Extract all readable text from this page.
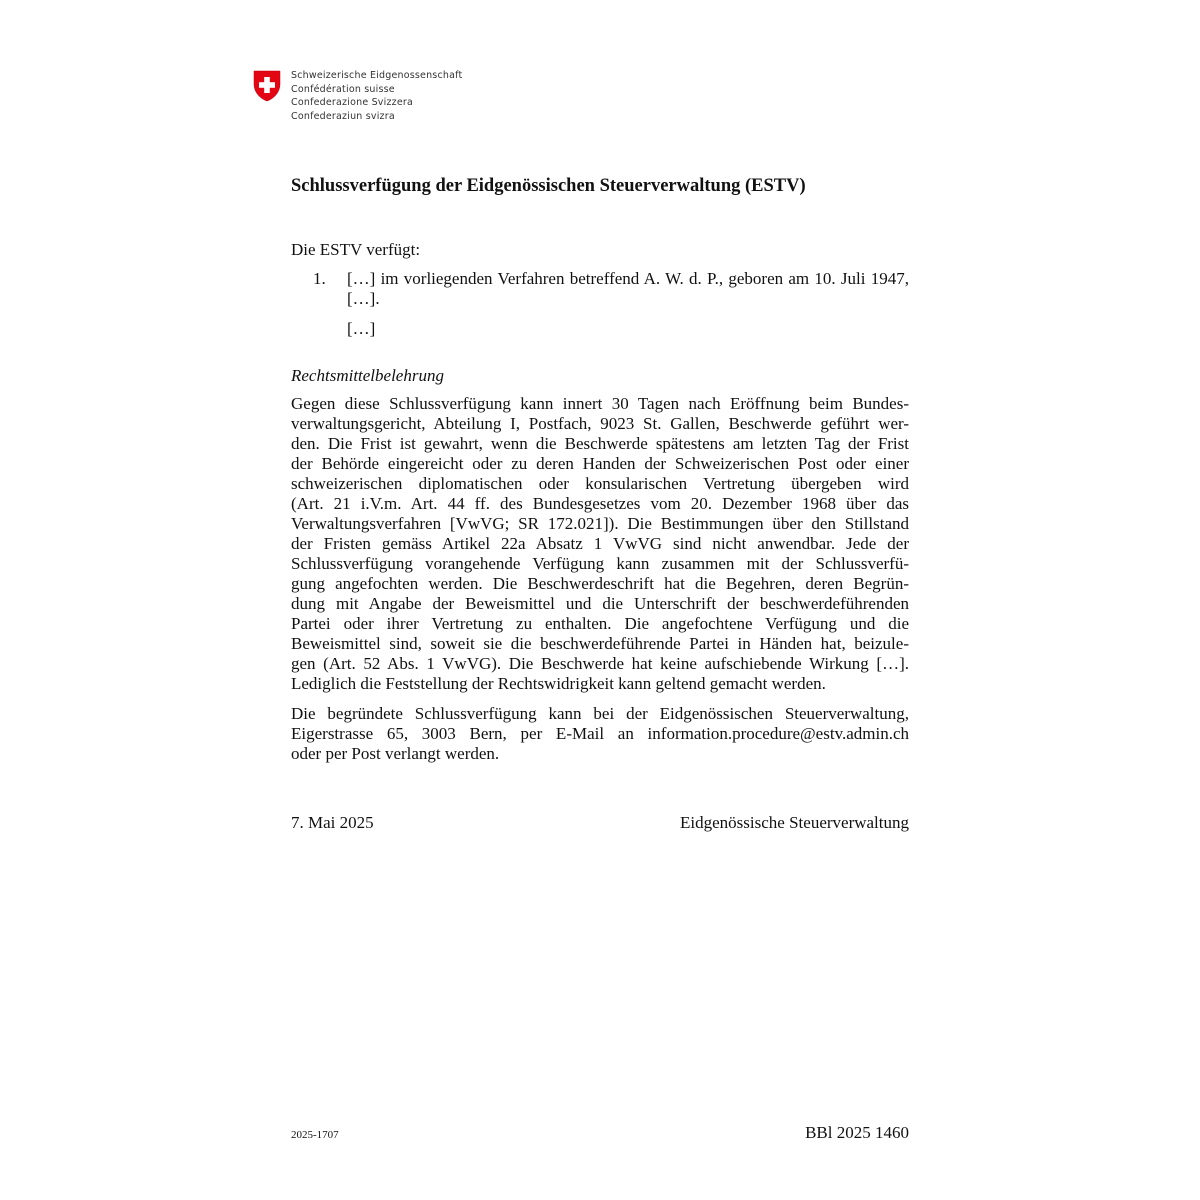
Schweizerische Eidgenossenschaft
Confédération suisse
Confederazione Svizzera
Confederaziun svizra
Schlussverfügung der Eidgenössischen Steuerverwaltung (ESTV)
Die ESTV verfügt:
1.	[…] im vorliegenden Verfahren betreffend A. W. d. P., geboren am 10. Juli 1947, […].
[…]
Rechtsmittelbelehrung
Gegen diese Schlussverfügung kann innert 30 Tagen nach Eröffnung beim Bundes-
verwaltungsgericht, Abteilung I, Postfach, 9023 St. Gallen, Beschwerde geführt wer-
den. Die Frist ist gewahrt, wenn die Beschwerde spätestens am letzten Tag der Frist
der Behörde eingereicht oder zu deren Handen der Schweizerischen Post oder einer
schweizerischen diplomatischen oder konsularischen Vertretung übergeben wird
(Art. 21 i.V.m. Art. 44 ff. des Bundesgesetzes vom 20. Dezember 1968 über das
Verwaltungsverfahren [VwVG; SR 172.021]). Die Bestimmungen über den Stillstand
der Fristen gemäss Artikel 22a Absatz 1 VwVG sind nicht anwendbar. Jede der
Schlussverfügung vorangehende Verfügung kann zusammen mit der Schlussverfü-
gung angefochten werden. Die Beschwerdeschrift hat die Begehren, deren Begrün-
dung mit Angabe der Beweismittel und die Unterschrift der beschwerdeführenden
Partei oder ihrer Vertretung zu enthalten. Die angefochtene Verfügung und die
Beweismittel sind, soweit sie die beschwerdeführende Partei in Händen hat, beizule-
gen (Art. 52 Abs. 1 VwVG). Die Beschwerde hat keine aufschiebende Wirkung […].
Lediglich die Feststellung der Rechtswidrigkeit kann geltend gemacht werden.
Die begründete Schlussverfügung kann bei der Eidgenössischen Steuerverwaltung,
Eigerstrasse 65, 3003 Bern, per E-Mail an information.procedure@estv.admin.ch
oder per Post verlangt werden.
7. Mai 2025	Eidgenössische Steuerverwaltung
2025-1707	BBl 2025 1460
